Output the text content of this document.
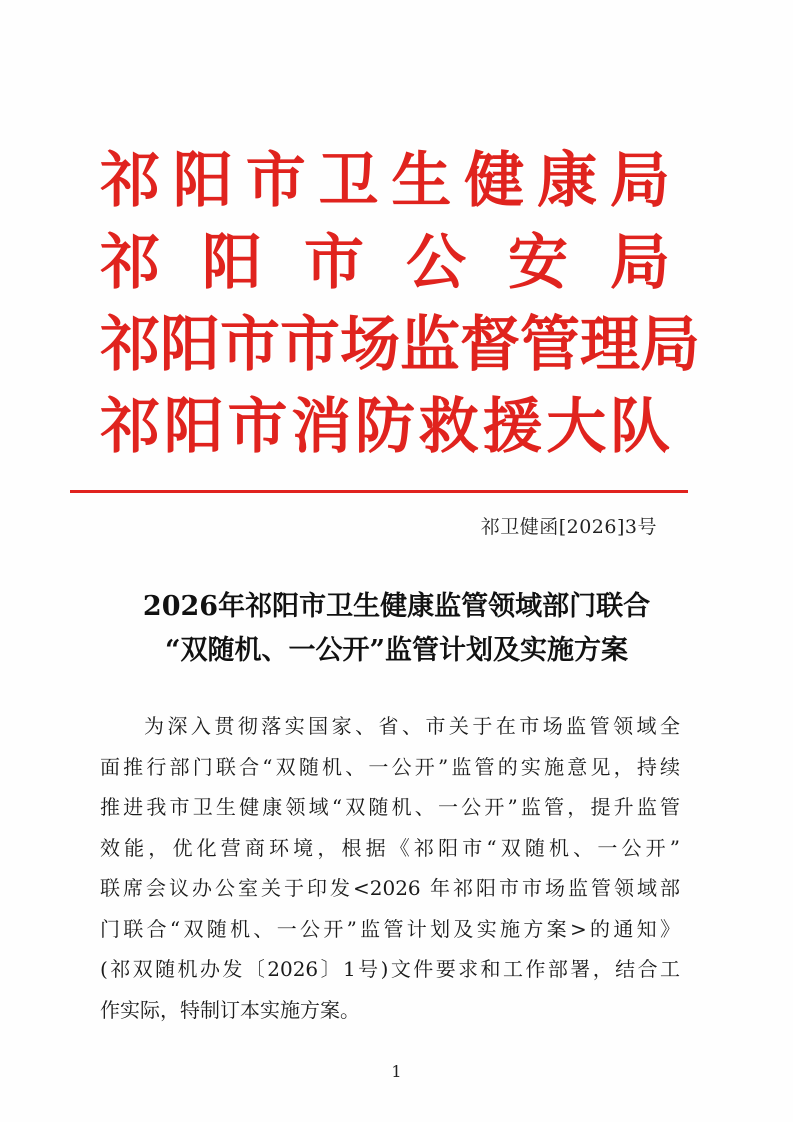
祁 阳 市 卫 生 健 康 局
祁 阳 市 公 安 局
祁 阳 市 市 场 监 督 管 理 局
祁 阳 市 消 防 救 援 大 队
祁卫健函[2026]3号
2026年祁阳市卫生健康监管领域部门联合
“双随机、一公开”监管计划及实施方案
为深入贯彻落实国家、省、市关于在市场监管领域全
面推行部门联合“双随机、一公开”监管的实施意见，持续
推进我市卫生健康领域“双随机、一公开”监管，提升监管
效能，优化营商环境，根据《祁阳市“双随机、一公开”
联席会议办公室关于印发<2026 年祁阳市市场监管领域部
门联合“双随机、一公开”监管计划及实施方案>的通知》
(祁双随机办发〔2026〕1号)文件要求和工作部署，结合工
作实际，特制订本实施方案。
1
